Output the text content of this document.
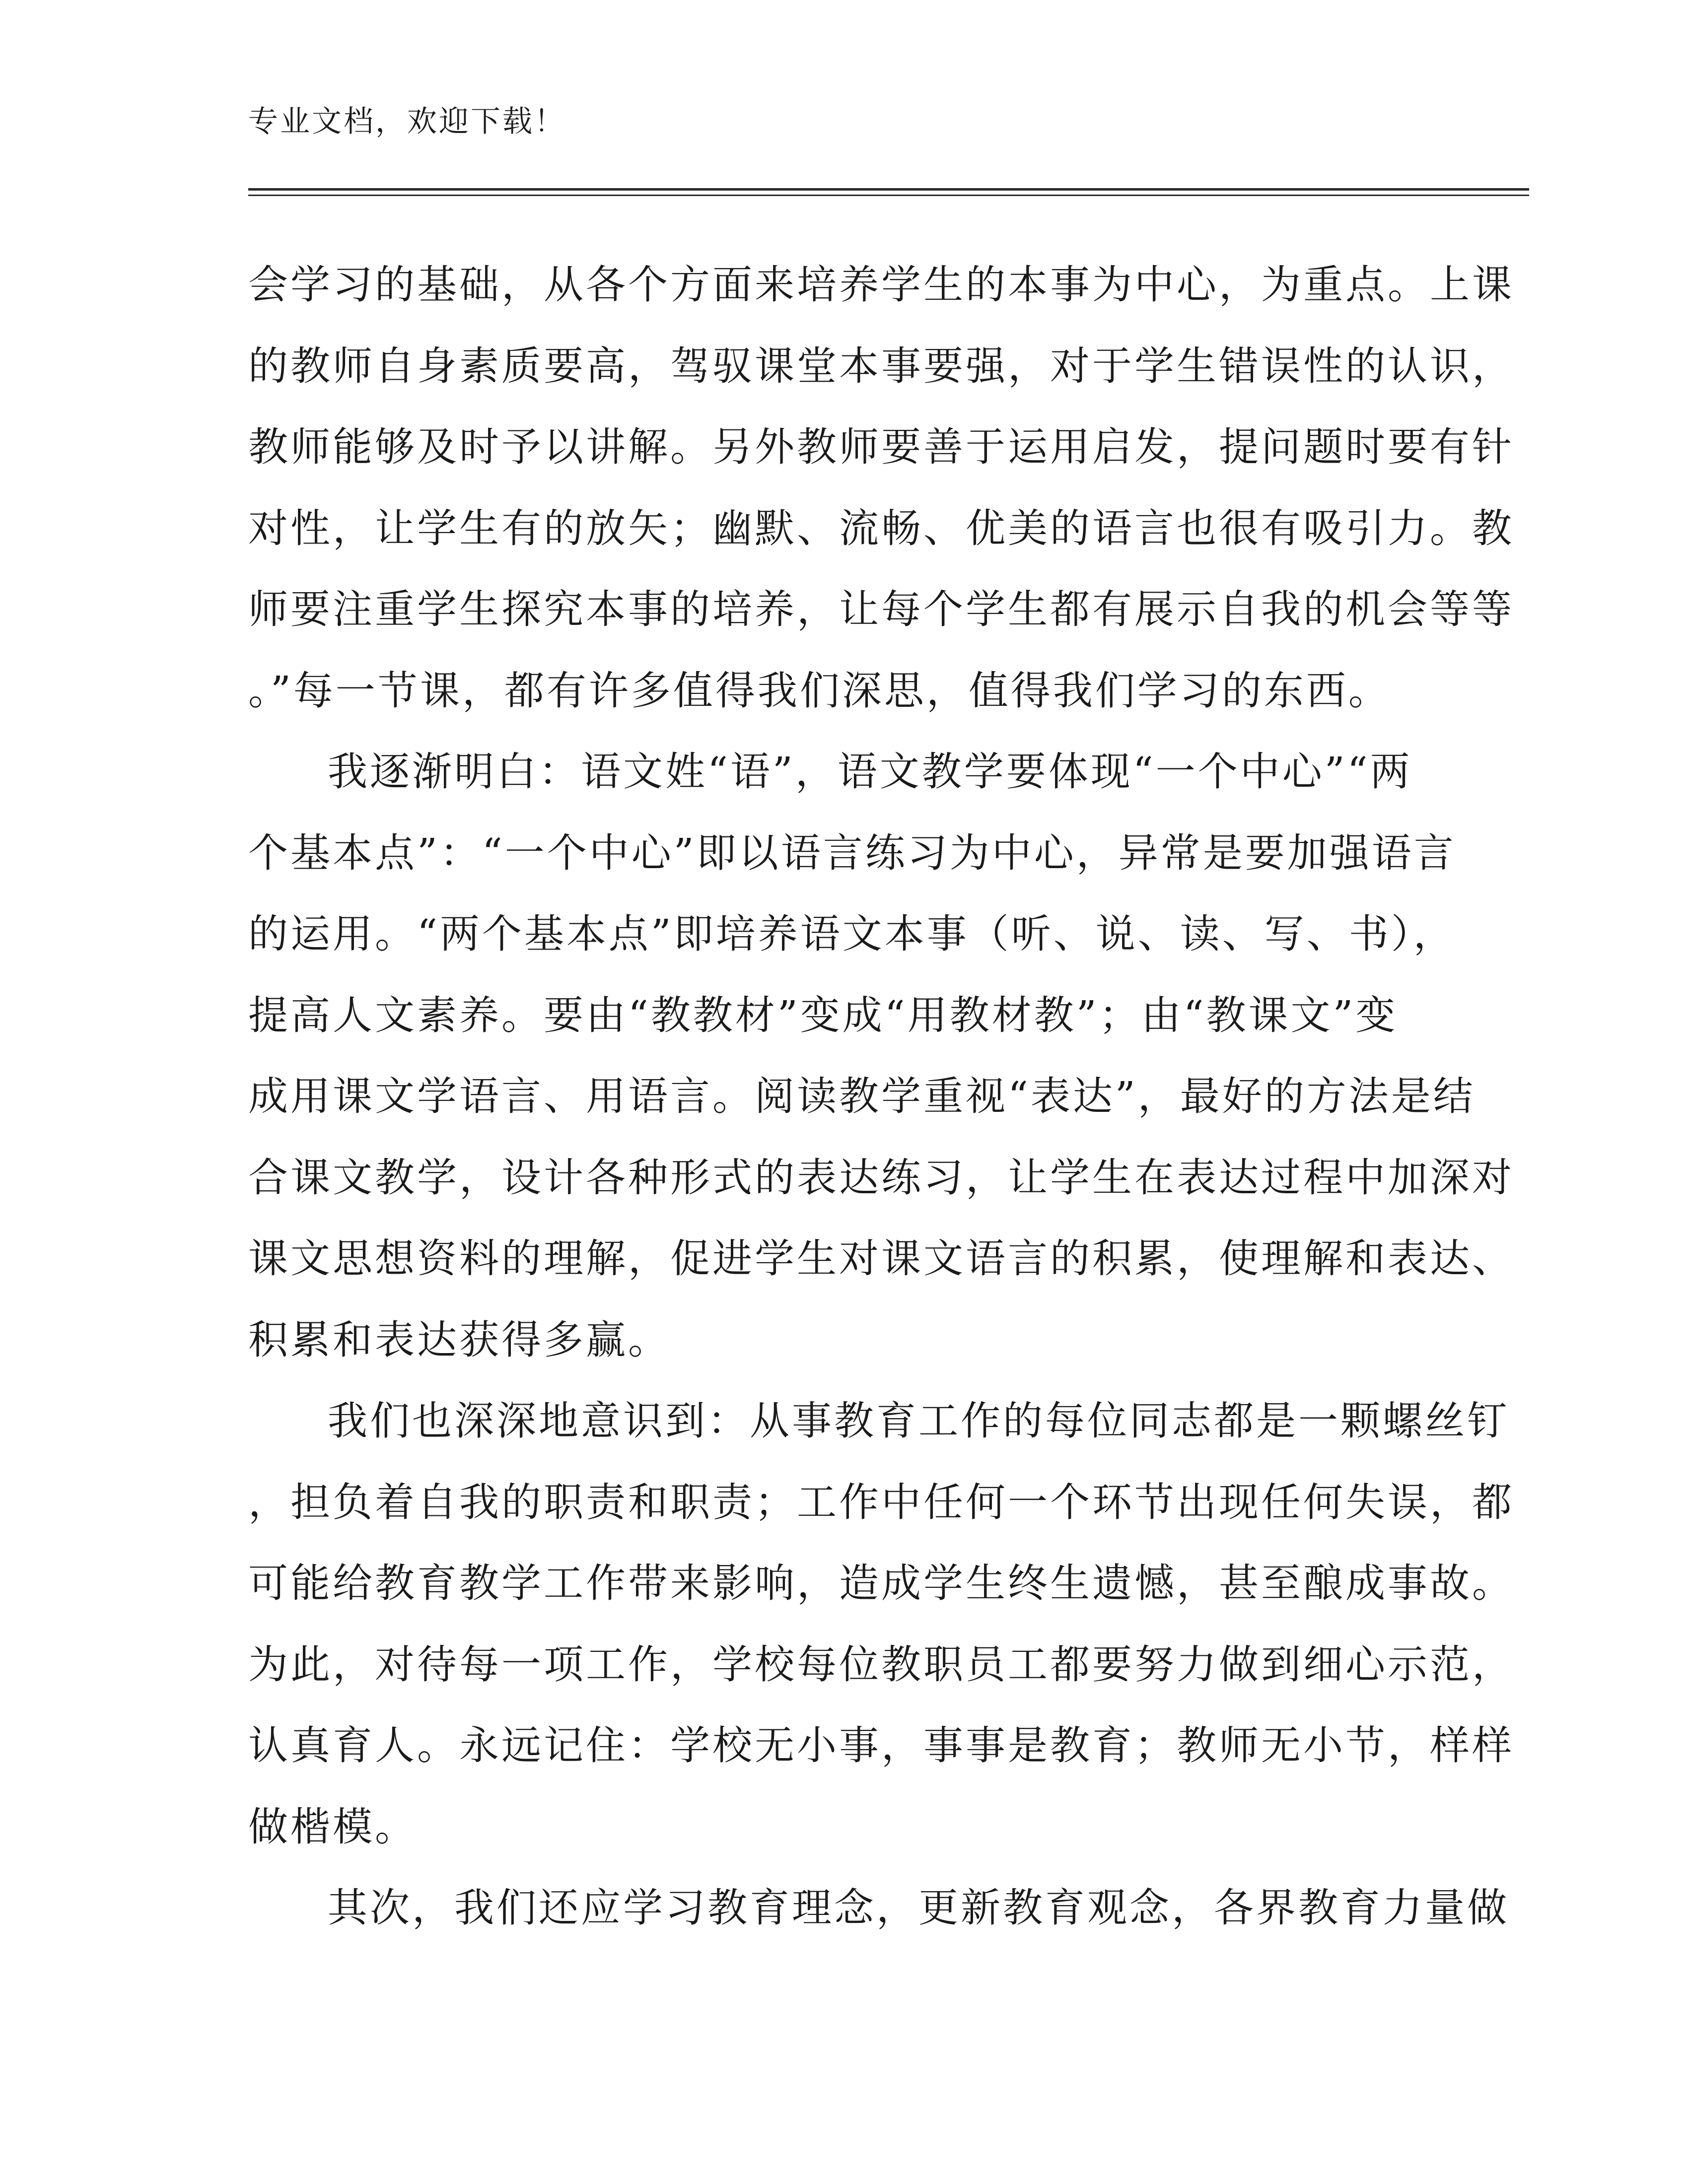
专业文档，欢迎下载！
会学习的基础，从各个方面来培养学生的本事为中心，为重点。上课
的教师自身素质要高，驾驭课堂本事要强，对于学生错误性的认识，
教师能够及时予以讲解。另外教师要善于运用启发，提问题时要有针
对性，让学生有的放矢；幽默、流畅、优美的语言也很有吸引力。教
师要注重学生探究本事的培养，让每个学生都有展示自我的机会等等
。”每一节课，都有许多值得我们深思，值得我们学习的东西。
我逐渐明白：语文姓“语”，语文教学要体现“一个中心”“两
个基本点”：“一个中心”即以语言练习为中心，异常是要加强语言
的运用。“两个基本点”即培养语文本事（听、说、读、写、书），
提高人文素养。要由“教教材”变成“用教材教”；由“教课文”变
成用课文学语言、用语言。阅读教学重视“表达”，最好的方法是结
合课文教学，设计各种形式的表达练习，让学生在表达过程中加深对
课文思想资料的理解，促进学生对课文语言的积累，使理解和表达、
积累和表达获得多赢。
我们也深深地意识到：从事教育工作的每位同志都是一颗螺丝钉
，担负着自我的职责和职责；工作中任何一个环节出现任何失误，都
可能给教育教学工作带来影响，造成学生终生遗憾，甚至酿成事故。
为此，对待每一项工作，学校每位教职员工都要努力做到细心示范，
认真育人。永远记住：学校无小事，事事是教育；教师无小节，样样
做楷模。
其次，我们还应学习教育理念，更新教育观念，各界教育力量做
